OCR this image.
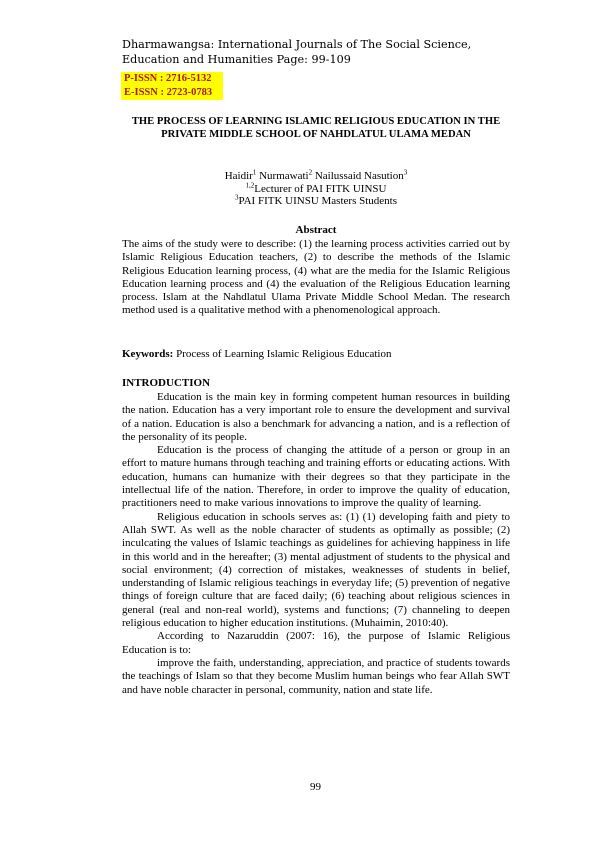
Dharmawangsa: International Journals of The Social Science, Education and Humanities Page: 99-109
P-ISSN : 2716-5132
E-ISSN : 2723-0783
THE PROCESS OF LEARNING ISLAMIC RELIGIOUS EDUCATION IN THE PRIVATE MIDDLE SCHOOL OF NAHDLATUL ULAMA MEDAN
Haidir$^1$ Nurmawati$^2$ Nailussaid Nasution$^3$
$^{1,2}$Lecturer of PAI FITK UINSU
$^3$PAI FITK UINSU Masters Students
Abstract
The aims of the study were to describe: (1) the learning process activities carried out by Islamic Religious Education teachers, (2) to describe the methods of the Islamic Religious Education learning process, (4) what are the media for the Islamic Religious Education learning process and (4) the evaluation of the Religious Education learning process. Islam at the Nahdlatul Ulama Private Middle School Medan. The research method used is a qualitative method with a phenomenological approach.
Keywords: Process of Learning Islamic Religious Education
INTRODUCTION

Education is the main key in forming competent human resources in building the nation. Education has a very important role to ensure the development and survival of a nation. Education is also a benchmark for advancing a nation, and is a reflection of the personality of its people.

Education is the process of changing the attitude of a person or group in an effort to mature humans through teaching and training efforts or educating actions. With education, humans can humanize with their degrees so that they participate in the intellectual life of the nation. Therefore, in order to improve the quality of education, practitioners need to make various innovations to improve the quality of learning.

Religious education in schools serves as: (1) (1) developing faith and piety to Allah SWT. As well as the noble character of students as optimally as possible; (2) inculcating the values of Islamic teachings as guidelines for achieving happiness in life in this world and in the hereafter; (3) mental adjustment of students to the physical and social environment; (4) correction of mistakes, weaknesses of students in belief, understanding of Islamic religious teachings in everyday life; (5) prevention of negative things of foreign culture that are faced daily; (6) teaching about religious sciences in general (real and non-real world), systems and functions; (7) channeling to deepen religious education to higher education institutions. (Muhaimin, 2010:40).

According to Nazaruddin (2007: 16), the purpose of Islamic Religious Education is to:

improve the faith, understanding, appreciation, and practice of students towards the teachings of Islam so that they become Muslim human beings who fear Allah SWT and have noble character in personal, community, nation and state life.

99
